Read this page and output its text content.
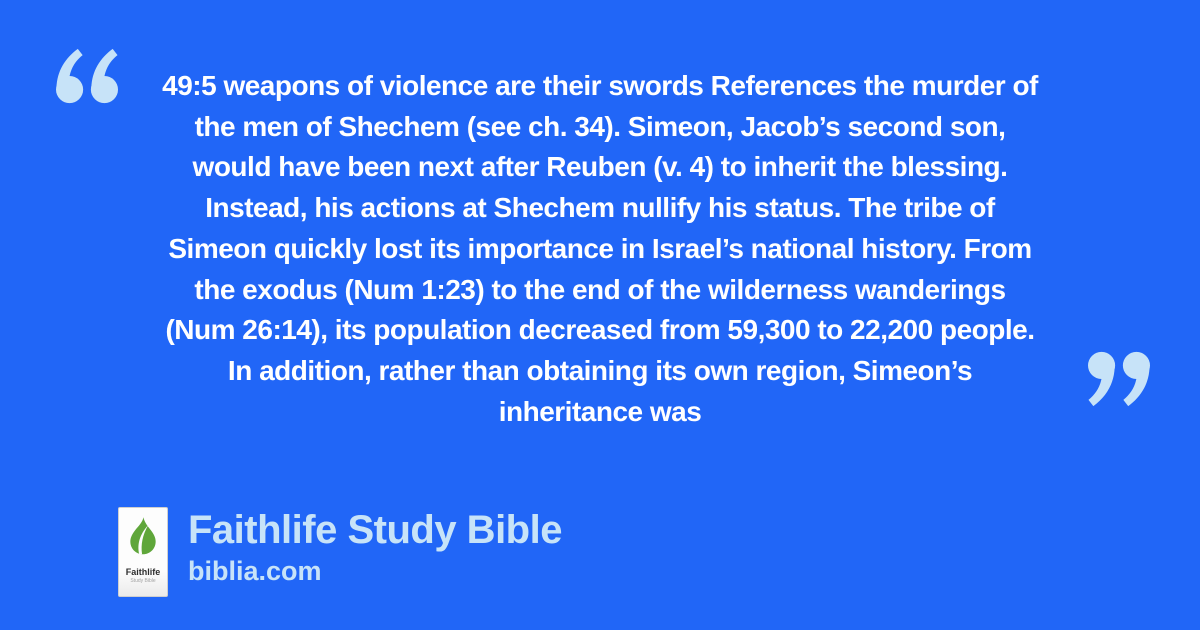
49:5 weapons of violence are their swords References the murder of
the men of Shechem (see ch. 34). Simeon, Jacob’s second son,
would have been next after Reuben (v. 4) to inherit the blessing.
Instead, his actions at Shechem nullify his status. The tribe of
Simeon quickly lost its importance in Israel’s national history. From
the exodus (Num 1:23) to the end of the wilderness wanderings
(Num 26:14), its population decreased from 59,300 to 22,200 people.
In addition, rather than obtaining its own region, Simeon’s
inheritance was
Faithlife
Study Bible
Faithlife Study Bible
biblia.com
